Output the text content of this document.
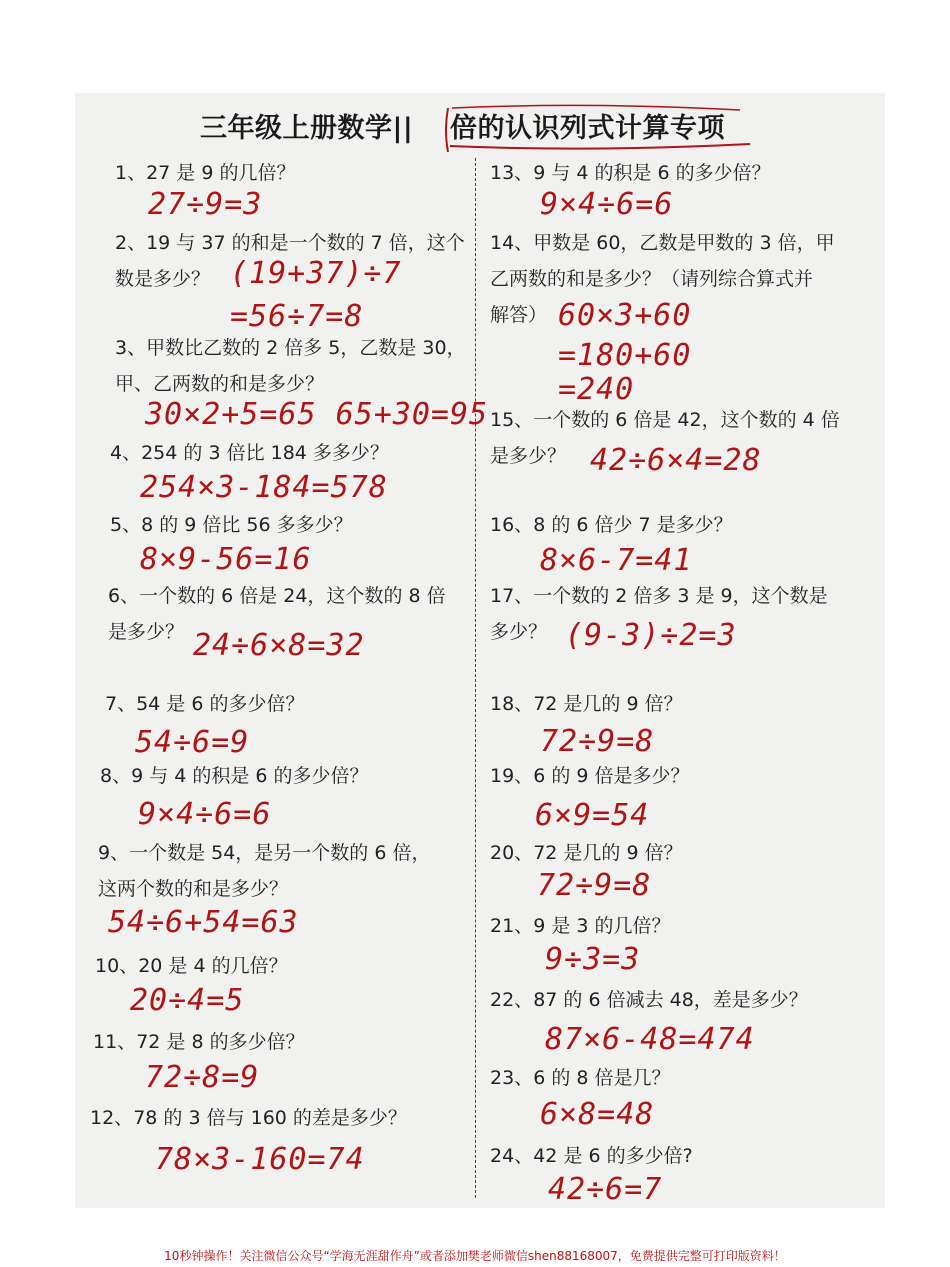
三年级上册数学|| 倍的认识列式计算专项
1、27 是 9 的几倍？
27÷9=3
2、19 与 37 的和是一个数的 7 倍，这个
数是多少？ (19+37)÷7
=56÷7=8
3、甲数比乙数的 2 倍多 5，乙数是 30，
甲、乙两数的和是多少？
30×2+5=65 65+30=95
4、254 的 3 倍比 184 多多少？
254×3-184=578
5、8 的 9 倍比 56 多多少？
8×9-56=16
6、一个数的 6 倍是 24，这个数的 8 倍
是多少？ 24÷6×8=32
7、54 是 6 的多少倍？
54÷6=9
8、9 与 4 的积是 6 的多少倍？
9×4÷6=6
9、一个数是 54，是另一个数的 6 倍，
这两个数的和是多少？
54÷6+54=63
10、20 是 4 的几倍？
20÷4=5
11、72 是 8 的多少倍？
72÷8=9
12、78 的 3 倍与 160 的差是多少？
78×3-160=74
13、9 与 4 的积是 6 的多少倍？
9×4÷6=6
14、甲数是 60，乙数是甲数的 3 倍，甲
乙两数的和是多少？（请列综合算式并
解答） 60×3+60
=180+60
=240
15、一个数的 6 倍是 42，这个数的 4 倍
是多少？ 42÷6×4=28
16、8 的 6 倍少 7 是多少？
8×6-7=41
17、一个数的 2 倍多 3 是 9，这个数是
多少？ (9-3)÷2=3
18、72 是几的 9 倍？
72÷9=8
19、6 的 9 倍是多少？
6×9=54
20、72 是几的 9 倍？
72÷9=8
21、9 是 3 的几倍？
9÷3=3
22、87 的 6 倍减去 48，差是多少？
87×6-48=474
23、6 的 8 倍是几？
6×8=48
24、42 是 6 的多少倍?
42÷6=7
10秒钟操作！关注微信公众号“学海无涯甜作舟”或者添加樊老师微信shen88168007，免费提供完整可打印版资料！
